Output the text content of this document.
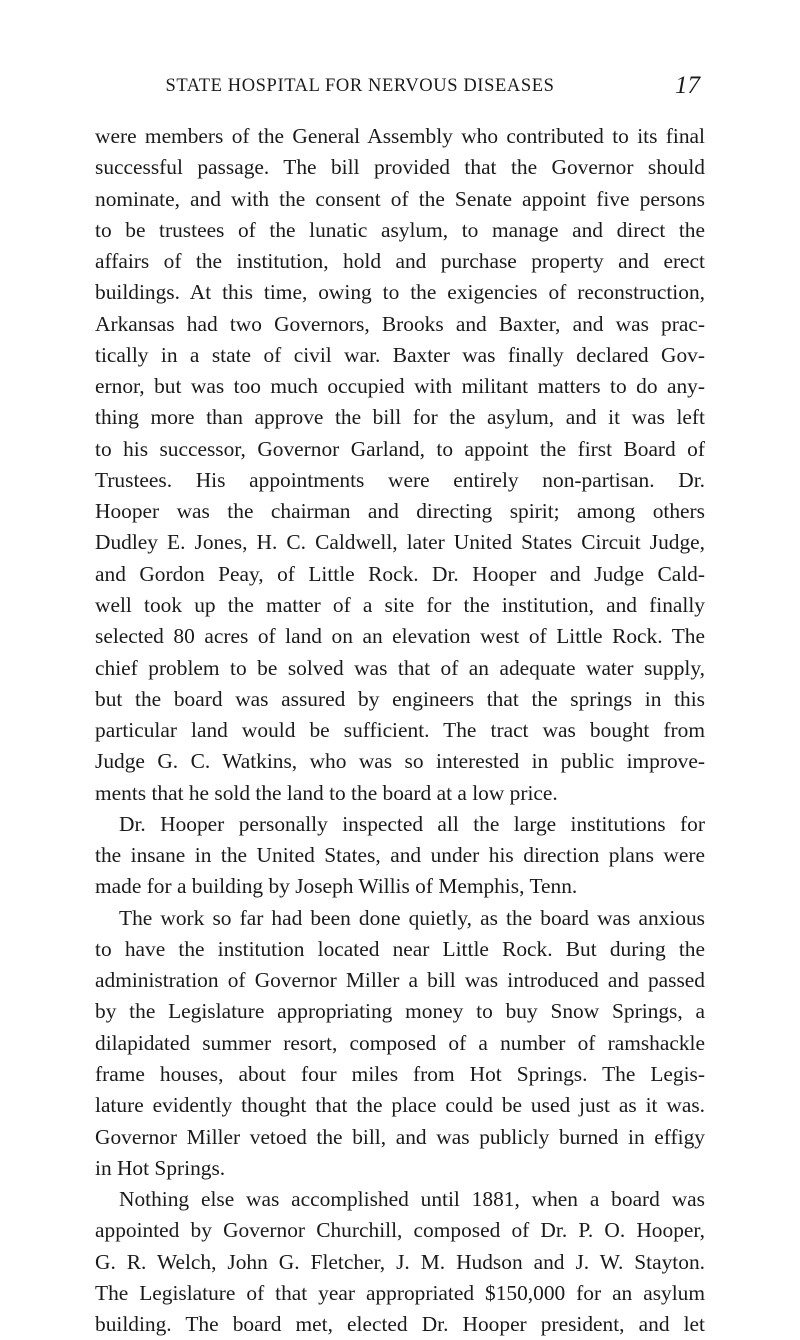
STATE HOSPITAL FOR NERVOUS DISEASES	17
were members of the General Assembly who contributed to its final
successful passage. The bill provided that the Governor should
nominate, and with the consent of the Senate appoint five persons
to be trustees of the lunatic asylum, to manage and direct the
affairs of the institution, hold and purchase property and erect
buildings. At this time, owing to the exigencies of reconstruction,
Arkansas had two Governors, Brooks and Baxter, and was prac-
tically in a state of civil war. Baxter was finally declared Gov-
ernor, but was too much occupied with militant matters to do any-
thing more than approve the bill for the asylum, and it was left
to his successor, Governor Garland, to appoint the first Board of
Trustees. His appointments were entirely non-partisan. Dr.
Hooper was the chairman and directing spirit; among others
Dudley E. Jones, H. C. Caldwell, later United States Circuit Judge,
and Gordon Peay, of Little Rock. Dr. Hooper and Judge Cald-
well took up the matter of a site for the institution, and finally
selected 80 acres of land on an elevation west of Little Rock. The
chief problem to be solved was that of an adequate water supply,
but the board was assured by engineers that the springs in this
particular land would be sufficient. The tract was bought from
Judge G. C. Watkins, who was so interested in public improve-
ments that he sold the land to the board at a low price.
Dr. Hooper personally inspected all the large institutions for
the insane in the United States, and under his direction plans were
made for a building by Joseph Willis of Memphis, Tenn.
The work so far had been done quietly, as the board was anxious
to have the institution located near Little Rock. But during the
administration of Governor Miller a bill was introduced and passed
by the Legislature appropriating money to buy Snow Springs, a
dilapidated summer resort, composed of a number of ramshackle
frame houses, about four miles from Hot Springs. The Legis-
lature evidently thought that the place could be used just as it was.
Governor Miller vetoed the bill, and was publicly burned in effigy
in Hot Springs.
Nothing else was accomplished until 1881, when a board was
appointed by Governor Churchill, composed of Dr. P. O. Hooper,
G. R. Welch, John G. Fletcher, J. M. Hudson and J. W. Stayton.
The Legislature of that year appropriated $150,000 for an asylum
building. The board met, elected Dr. Hooper president, and let
